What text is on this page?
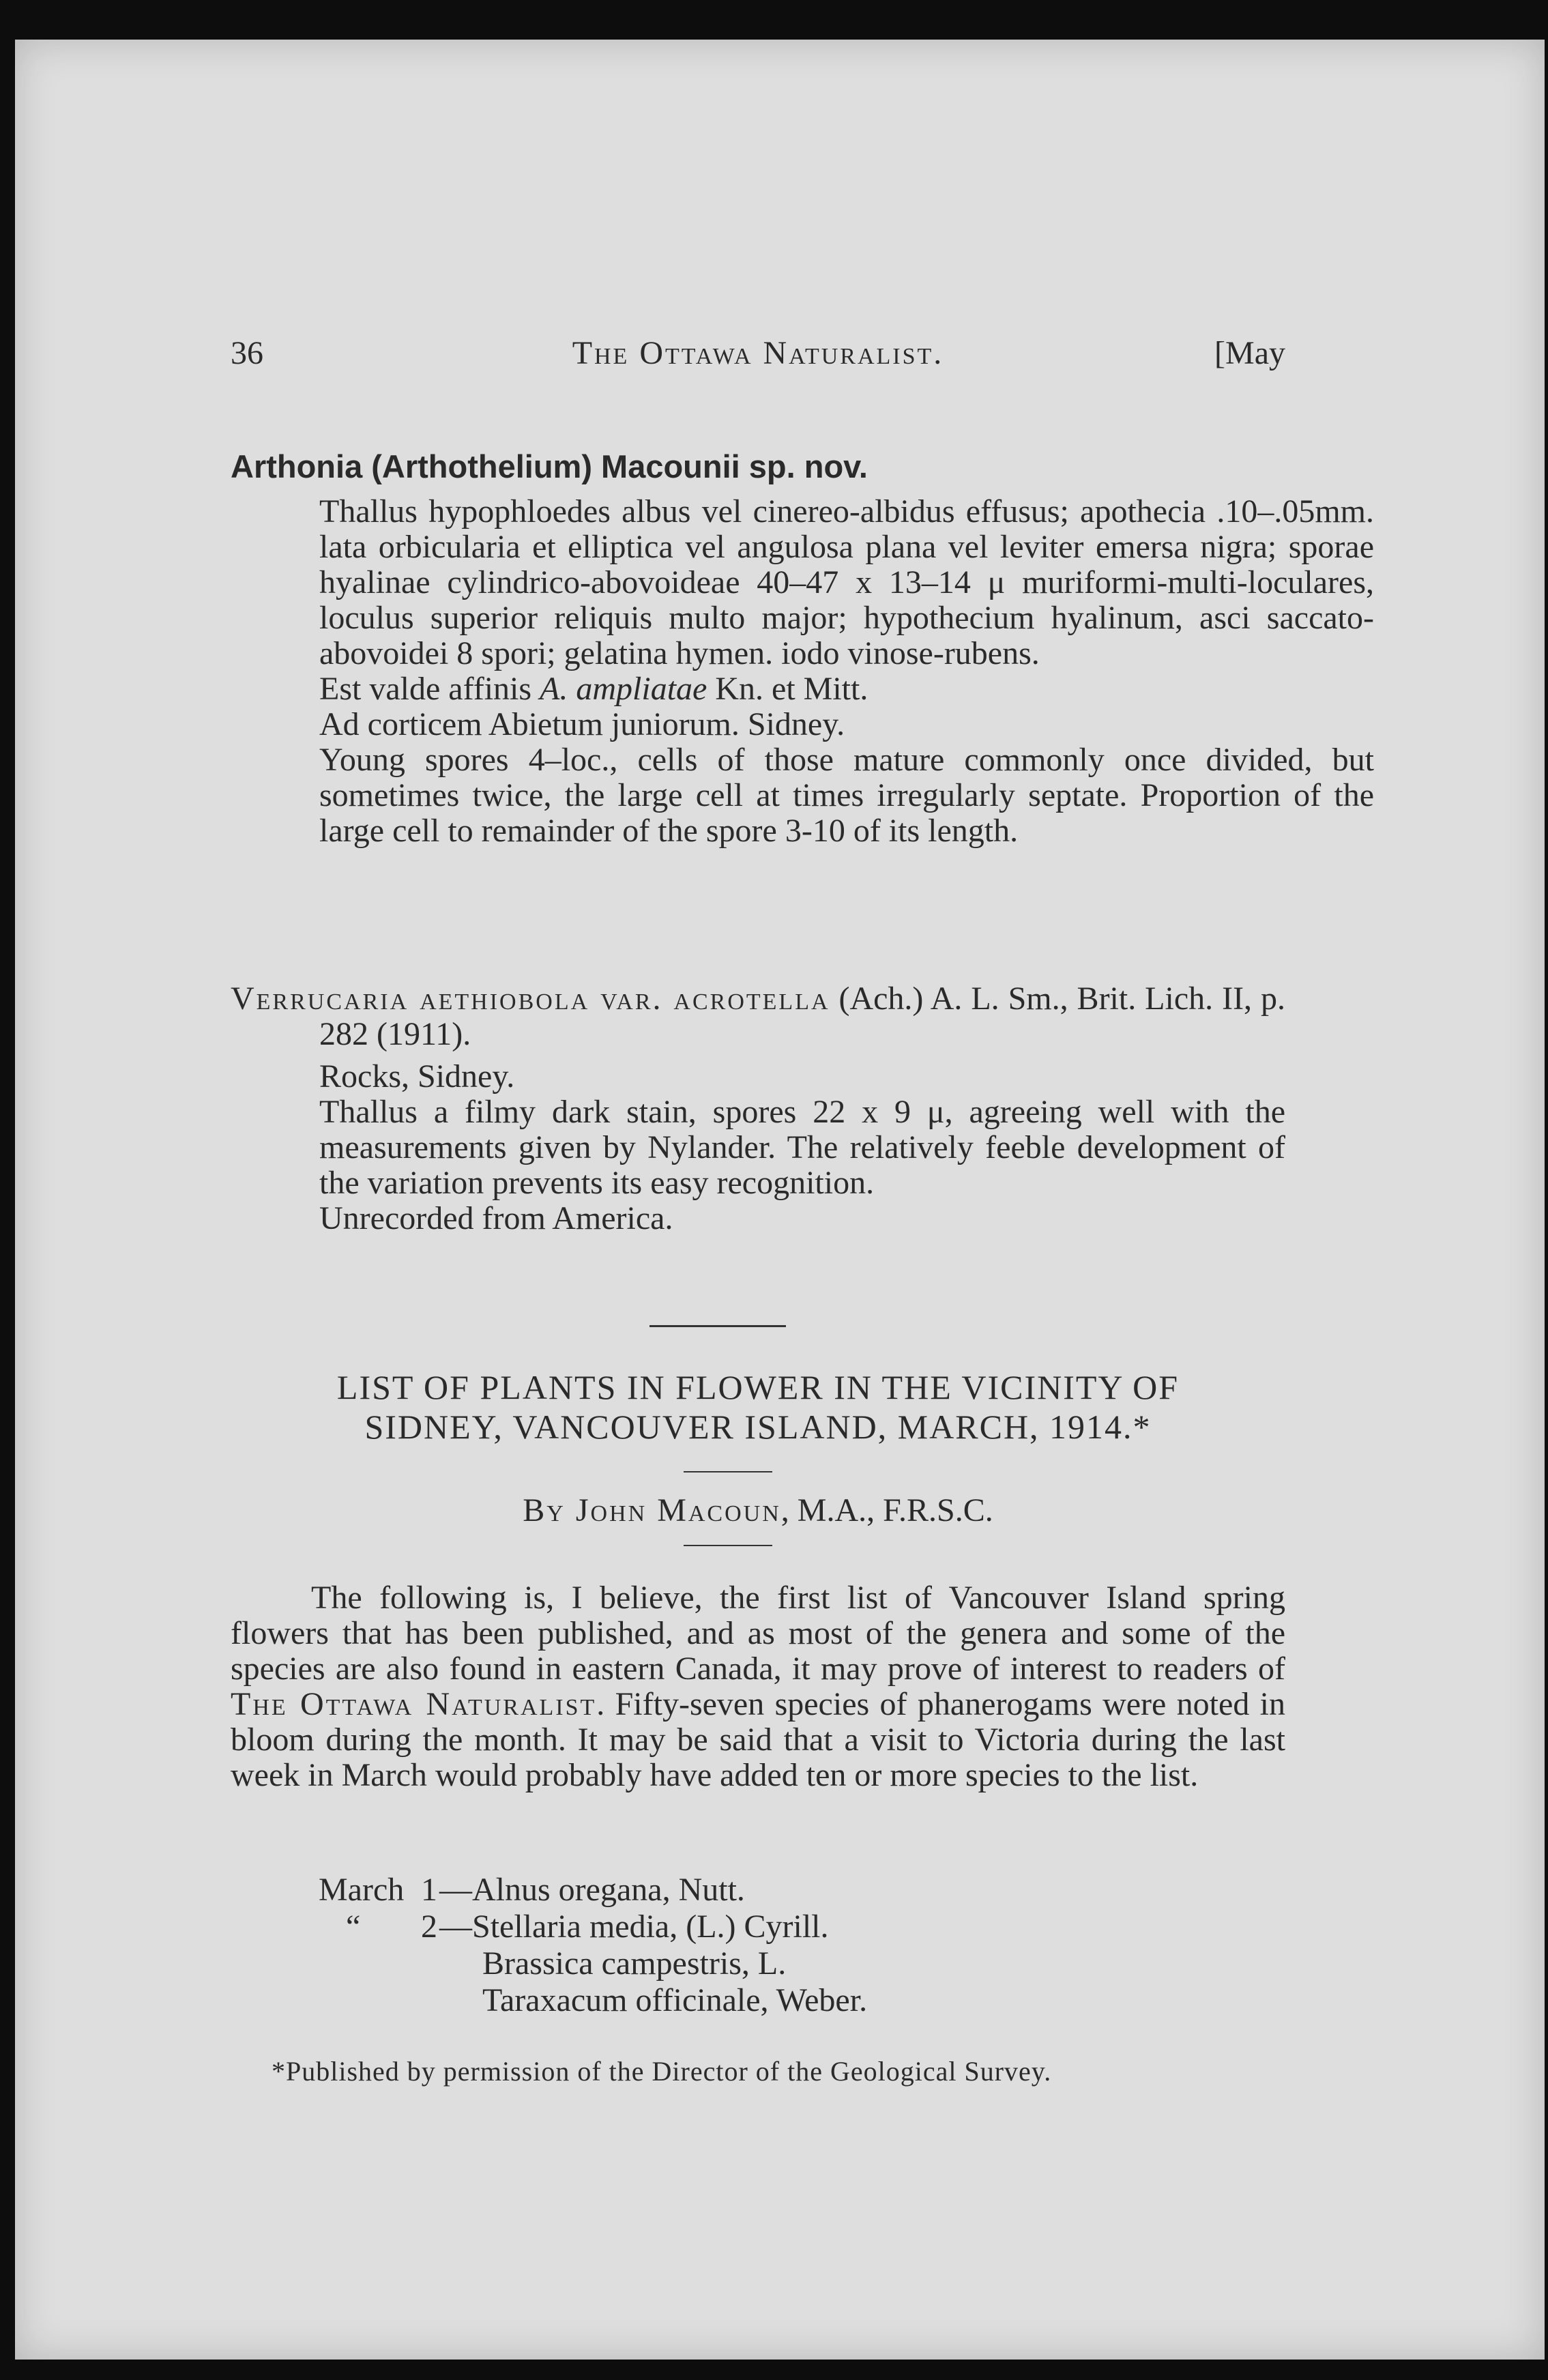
36	The Ottawa Naturalist.	[May
Arthonia (Arthothelium) Macounii sp. nov.
Thallus hypophloedes albus vel cinereo-albidus effusus; apothecia .10–.05mm. lata orbicularia et elliptica vel angulosa plana vel leviter emersa nigra; sporae hyalinae cylindrico-abovoideae 40–47 x 13–14 μ muriformi-multi-loculares, loculus superior reliquis multo major; hypothecium hyalinum, asci saccato-abovoidei 8 spori; gelatina hymen. iodo vinose-rubens.
Est valde affinis A. ampliatae Kn. et Mitt.
Ad corticem Abietum juniorum. Sidney.
Young spores 4–loc., cells of those mature commonly once divided, but sometimes twice, the large cell at times irregularly septate. Proportion of the large cell to remainder of the spore 3-10 of its length.
Verrucaria aethiobola var. acrotella (Ach.) A. L. Sm., Brit. Lich. II, p. 282 (1911).
Rocks, Sidney.
Thallus a filmy dark stain, spores 22 x 9 μ, agreeing well with the measurements given by Nylander. The relatively feeble development of the variation prevents its easy recognition.
Unrecorded from America.
LIST OF PLANTS IN FLOWER IN THE VICINITY OF
SIDNEY, VANCOUVER ISLAND, MARCH, 1914.*
By John Macoun, M.A., F.R.S.C.
The following is, I believe, the first list of Vancouver Island spring flowers that has been published, and as most of the genera and some of the species are also found in eastern Canada, it may prove of interest to readers of The Ottawa Naturalist. Fifty-seven species of phanerogams were noted in bloom during the month. It may be said that a visit to Victoria during the last week in March would probably have added ten or more species to the list.
March 1 —Alnus oregana, Nutt.
“ 2 —Stellaria media, (L.) Cyrill.
Brassica campestris, L.
Taraxacum officinale, Weber.
*Published by permission of the Director of the Geological Survey.
